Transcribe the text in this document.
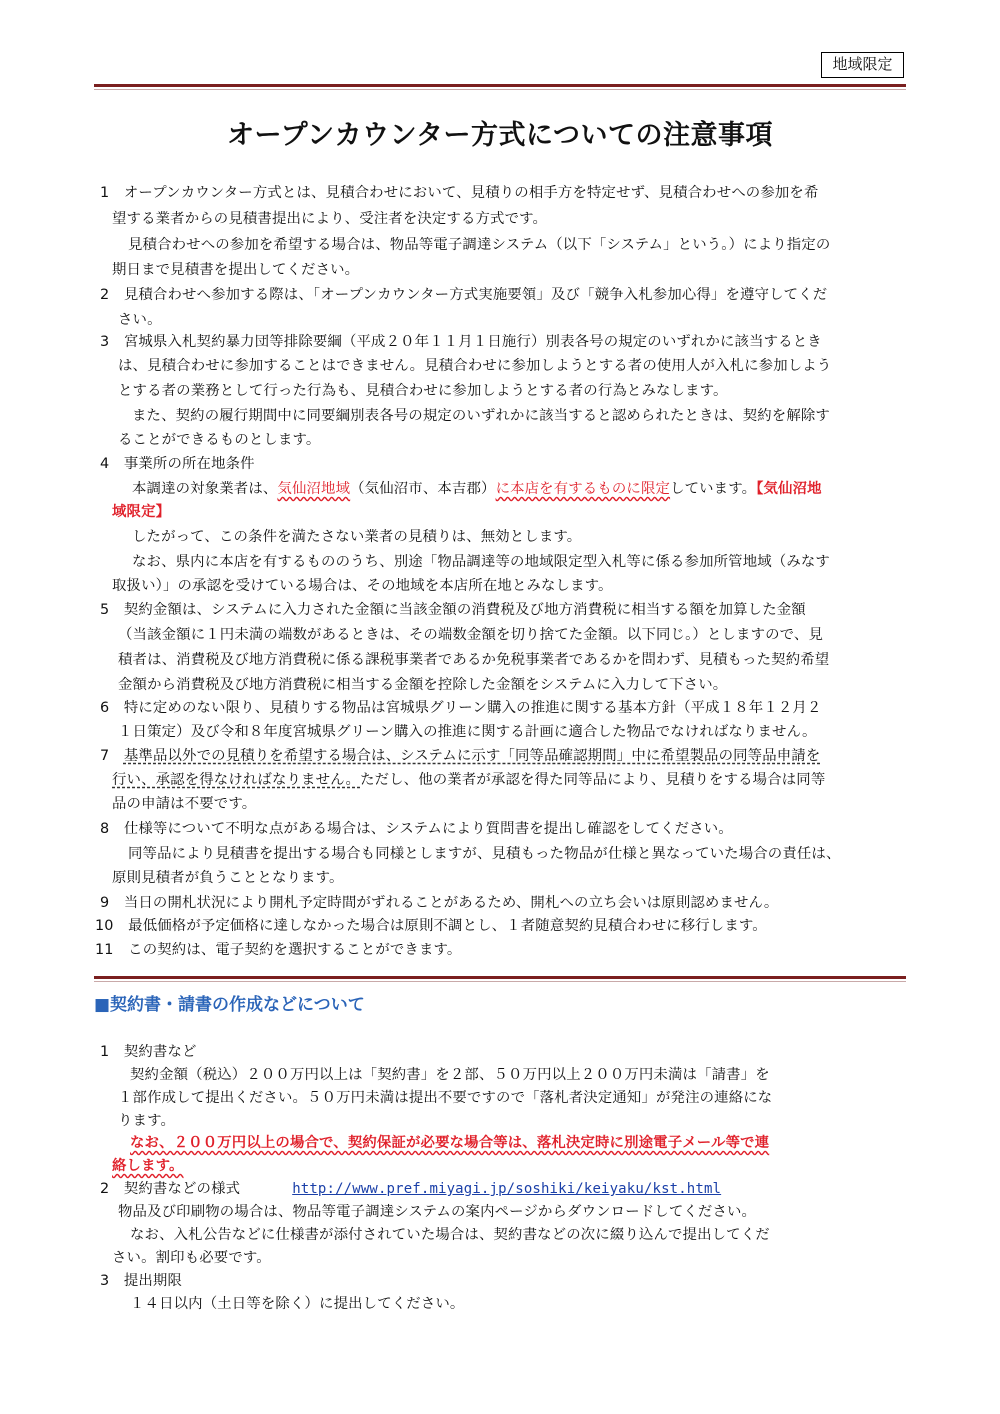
地域限定
オープンカウンター方式についての注意事項
1　オープンカウンター方式とは、見積合わせにおいて、見積りの相手方を特定せず、見積合わせへの参加を希
望する業者からの見積書提出により、受注者を決定する方式です。
見積合わせへの参加を希望する場合は、物品等電子調達システム（以下「システム」という。）により指定の
期日まで見積書を提出してください。
2　見積合わせへ参加する際は、「オープンカウンター方式実施要領」及び「競争入札参加心得」を遵守してくだ
さい。
3　宮城県入札契約暴力団等排除要綱（平成２０年１１月１日施行）別表各号の規定のいずれかに該当するとき
は、見積合わせに参加することはできません。見積合わせに参加しようとする者の使用人が入札に参加しよう
とする者の業務として行った行為も、見積合わせに参加しようとする者の行為とみなします。
また、契約の履行期間中に同要綱別表各号の規定のいずれかに該当すると認められたときは、契約を解除す
ることができるものとします。
4　事業所の所在地条件
本調達の対象業者は、気仙沼地域（気仙沼市、本吉郡）に本店を有するものに限定しています。【気仙沼地
域限定】
したがって、この条件を満たさない業者の見積りは、無効とします。
なお、県内に本店を有するもののうち、別途「物品調達等の地域限定型入札等に係る参加所管地域（みなす
取扱い）」の承認を受けている場合は、その地域を本店所在地とみなします。
5　契約金額は、システムに入力された金額に当該金額の消費税及び地方消費税に相当する額を加算した金額
（当該金額に１円未満の端数があるときは、その端数金額を切り捨てた金額。以下同じ。）としますので、見
積者は、消費税及び地方消費税に係る課税事業者であるか免税事業者であるかを問わず、見積もった契約希望
金額から消費税及び地方消費税に相当する金額を控除した金額をシステムに入力して下さい。
6　特に定めのない限り、見積りする物品は宮城県グリーン購入の推進に関する基本方針（平成１８年１２月２
１日策定）及び令和８年度宮城県グリーン購入の推進に関する計画に適合した物品でなければなりません。
7　基準品以外での見積りを希望する場合は、システムに示す「同等品確認期間」中に希望製品の同等品申請を
行い、承認を得なければなりません。ただし、他の業者が承認を得た同等品により、見積りをする場合は同等
品の申請は不要です。
8　仕様等について不明な点がある場合は、システムにより質問書を提出し確認をしてください。
同等品により見積書を提出する場合も同様としますが、見積もった物品が仕様と異なっていた場合の責任は、
原則見積者が負うこととなります。
9　当日の開札状況により開札予定時間がずれることがあるため、開札への立ち会いは原則認めません。
10　最低価格が予定価格に達しなかった場合は原則不調とし、１者随意契約見積合わせに移行します。
11　この契約は、電子契約を選択することができます。
■契約書・請書の作成などについて
1　契約書など
契約金額（税込）２００万円以上は「契約書」を２部、５０万円以上２００万円未満は「請書」を
１部作成して提出ください。５０万円未満は提出不要ですので「落札者決定通知」が発注の連絡にな
ります。
なお、２００万円以上の場合で、契約保証が必要な場合等は、落札決定時に別途電子メール等で連
絡します。
2　契約書などの様式	http://www.pref.miyagi.jp/soshiki/keiyaku/kst.html
物品及び印刷物の場合は、物品等電子調達システムの案内ページからダウンロードしてください。
なお、入札公告などに仕様書が添付されていた場合は、契約書などの次に綴り込んで提出してくだ
さい。割印も必要です。
3　提出期限
１４日以内（土日等を除く）に提出してください。
